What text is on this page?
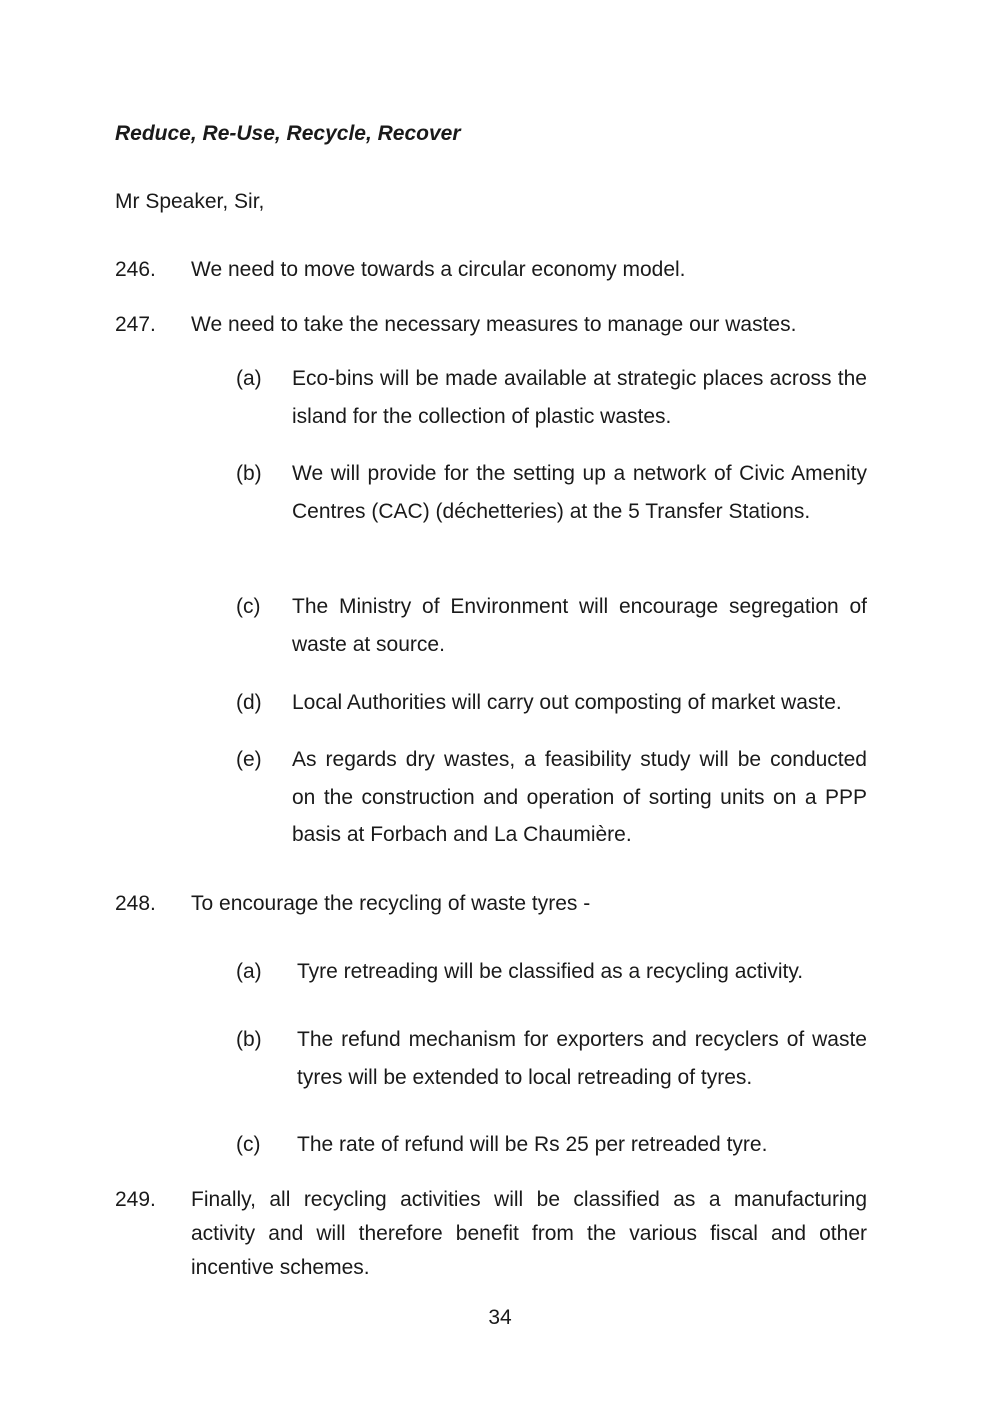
Reduce, Re-Use, Recycle, Recover
Mr Speaker, Sir,
246.	We need to move towards a circular economy model.
247.	We need to take the necessary measures to manage our wastes.
(a)	Eco-bins will be made available at strategic places across the island for the collection of plastic wastes.
(b)	We will provide for the setting up a network of Civic Amenity Centres (CAC) (déchetteries) at the 5 Transfer Stations.
(c)	The Ministry of Environment will encourage segregation of waste at source.
(d)	Local Authorities will carry out composting of market waste.
(e)	As regards dry wastes, a feasibility study will be conducted on the construction and operation of sorting units on a PPP basis at Forbach and La Chaumière.
248.	To encourage the recycling of waste tyres -
(a)	Tyre retreading will be classified as a recycling activity.
(b)	The refund mechanism for exporters and recyclers of waste tyres will be extended to local retreading of tyres.
(c)	The rate of refund will be Rs 25 per retreaded tyre.
249.	Finally, all recycling activities will be classified as a manufacturing activity and will therefore benefit from the various fiscal and other incentive schemes.
34
